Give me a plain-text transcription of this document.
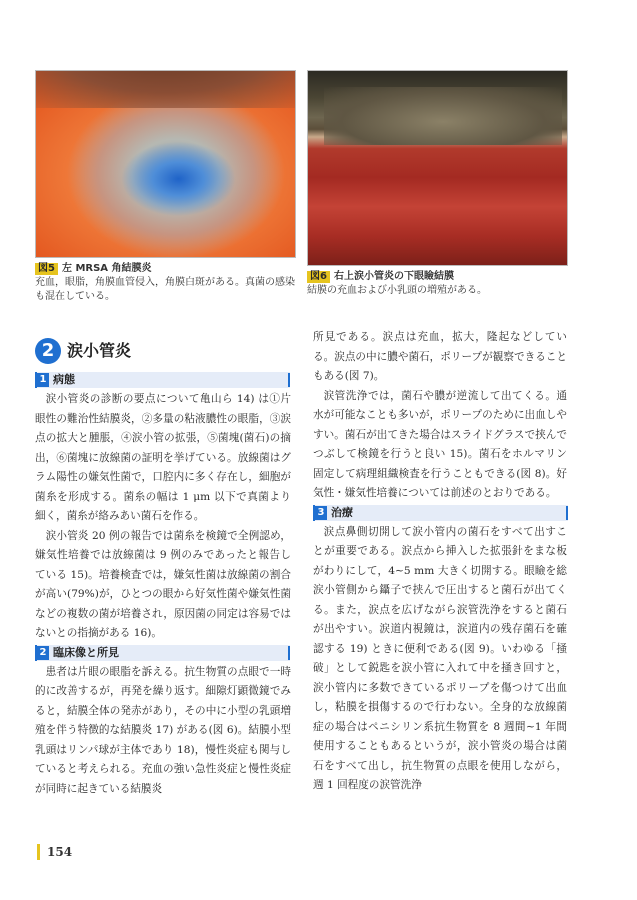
図5 左 MRSA 角結膜炎
充血，眼脂，角膜血管侵入，角膜白斑がある。真菌の感染も混在している。
図6 右上涙小管炎の下眼瞼結膜
結膜の充血および小乳頭の増殖がある。
2 涙小管炎
1 病態

涙小管炎の診断の要点について亀山ら 14) は①片眼性の難治性結膜炎，②多量の粘液膿性の眼脂，③涙点の拡大と腫脹，④涙小管の拡張，⑤菌塊(菌石)の摘出，⑥菌塊に放線菌の証明を挙げている。放線菌はグラム陽性の嫌気性菌で，口腔内に多く存在し，細胞が菌糸を形成する。菌糸の幅は 1 μm 以下で真菌より細く，菌糸が絡みあい菌石を作る。

涙小管炎 20 例の報告では菌糸を検鏡で全例認め，嫌気性培養では放線菌は 9 例のみであったと報告している 15)。培養検査では，嫌気性菌は放線菌の割合が高い(79%)が，ひとつの眼から好気性菌や嫌気性菌などの複数の菌が培養され，原因菌の同定は容易ではないとの指摘がある 16)。

2 臨床像と所見

患者は片眼の眼脂を訴える。抗生物質の点眼で一時的に改善するが，再発を繰り返す。細隙灯顕微鏡でみると，結膜全体の発赤があり，その中に小型の乳頭増殖を伴う特徴的な結膜炎 17) がある(図 6)。結膜小型乳頭はリンパ球が主体であり 18)，慢性炎症も関与していると考えられる。充血の強い急性炎症と慢性炎症が同時に起きている結膜炎

所見である。涙点は充血，拡大，隆起などしている。涙点の中に膿や菌石，ポリープが観察できることもある(図 7)。

涙管洗浄では，菌石や膿が逆流して出てくる。通水が可能なことも多いが，ポリープのために出血しやすい。菌石が出てきた場合はスライドグラスで挟んでつぶして検鏡を行うと良い 15)。菌石をホルマリン固定して病理組織検査を行うこともできる(図 8)。好気性・嫌気性培養については前述のとおりである。

3 治療

涙点鼻側切開して涙小管内の菌石をすべて出すことが重要である。涙点から挿入した拡張針をまな板がわりにして，4∼5 mm 大きく切開する。眼瞼を総涙小管側から鑷子で挟んで圧出すると菌石が出てくる。また，涙点を広げながら涙管洗浄をすると菌石が出やすい。涙道内視鏡は，涙道内の残存菌石を確認する 19) ときに便利である(図 9)。いわゆる「掻破」として鋭匙を涙小管に入れて中を掻き回すと，涙小管内に多数できているポリープを傷つけて出血し，粘膜を損傷するので行わない。全身的な放線菌症の場合はペニシリン系抗生物質を 8 週間∼1 年間使用することもあるというが，涙小管炎の場合は菌石をすべて出し，抗生物質の点眼を使用しながら，週 1 回程度の涙管洗浄

154
